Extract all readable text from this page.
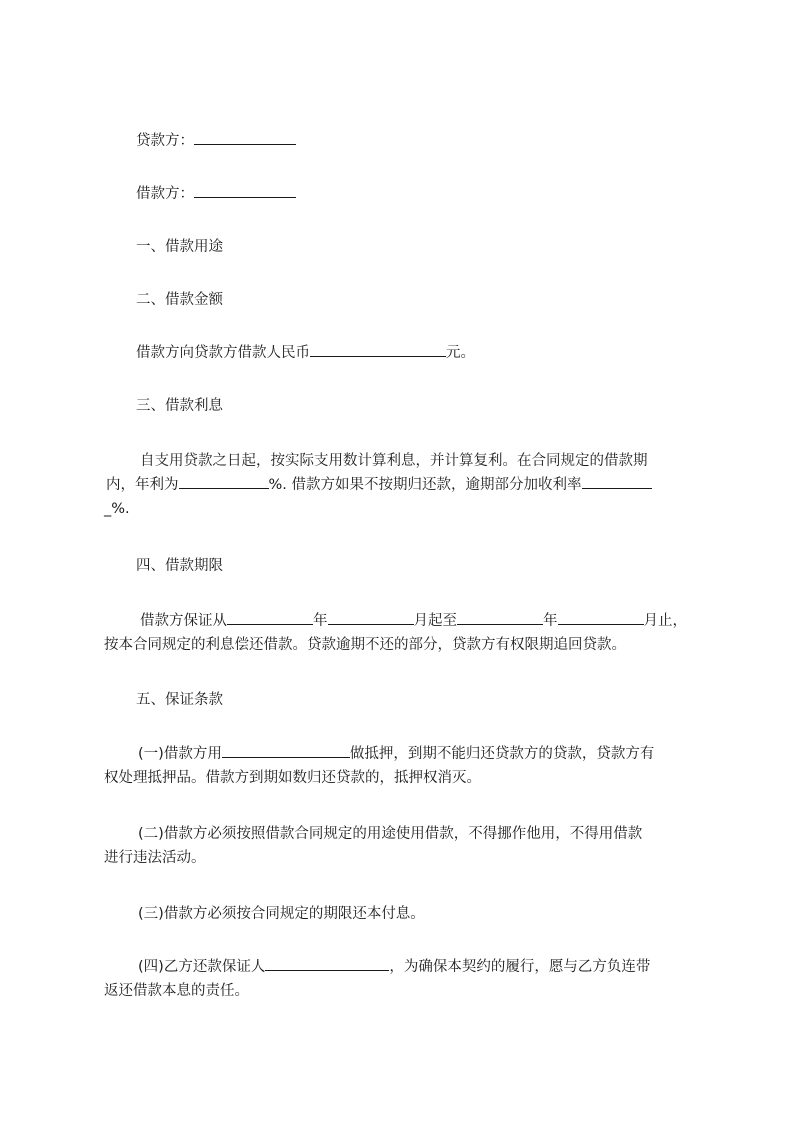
贷款方：
借款方：
一、借款用途
二、借款金额
借款方向贷款方借款人民币	元。
三、借款利息
自支用贷款之日起，按实际支用数计算利息，并计算复利。在合同规定的借款期
内，年利为	%. 借款方如果不按期归还款，逾期部分加收利率
_%.
四、借款期限
借款方保证从	年	月起至	年	月止，
按本合同规定的利息偿还借款。贷款逾期不还的部分，贷款方有权限期追回贷款。
五、保证条款
(一)借款方用	做抵押，到期不能归还贷款方的贷款，贷款方有
权处理抵押品。借款方到期如数归还贷款的，抵押权消灭。
(二)借款方必须按照借款合同规定的用途使用借款，不得挪作他用，不得用借款
进行违法活动。
(三)借款方必须按合同规定的期限还本付息。
(四)乙方还款保证人	，为确保本契约的履行，愿与乙方负连带
返还借款本息的责任。
